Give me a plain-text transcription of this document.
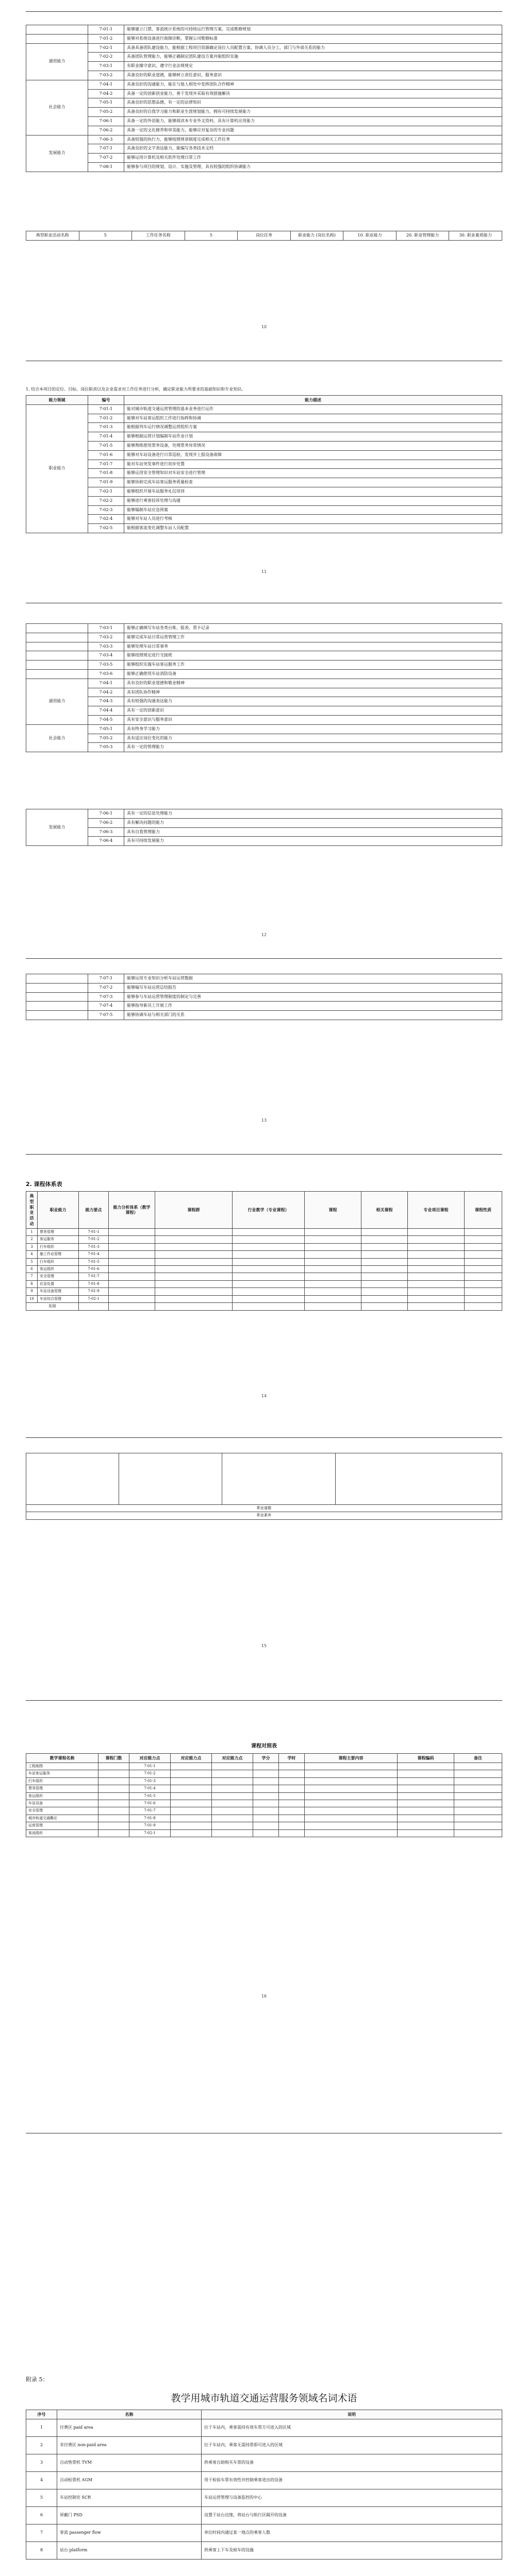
	7-01-1	能够建立门禁、客流统计系统的可持续运行管理方案，完成维修规划
	7-01-2	能够对系统设备进行故障诊断，掌握公司维修标准
通用能力	7-02-1	具备具备团队建设能力，能根据工程项目资源确定岗位人员配置方案，协调人员分工，部门与外部关系的能力
	7-02-2	具备团队管理能力，能够正确制定团队建设方案并能组织实施
	7-03-1	有职业操守意识，遵守行业法规规定
	7-03-2	具备良好的职业道德，能够树立责任意识、服务意识
社会能力	7-04-1	具备良好的沟通能力，能在与他人相处中发挥团队合作精神
	7-04-2	具备一定的创新创业能力，善于发现并采取有效措施解决
	7-05-1	具备良好的思想品德，有一定的法律知识
	7-05-2	具备良好的自我学习能力和职业生涯规划能力，拥有可持续发展能力
	7-06-1	具备一定的外语能力，能够阅读本专业外文资料，具有计算机应用能力
	7-06-2	具备一定的文化修养和审美能力，能够应对复杂的专业问题
发展能力	7-06-3	具备较强的执行力，能够按照规章制度完成相关工作任务
	7-07-1	具备良好的文字表达能力，能编写各类技术文档
	7-07-2	能够运用计算机及相关软件处理日常工作
	7-08-1	能够参与项目的规划、设计、实施及管理，具有较强的组织协调能力
典型职业活动名称	5	工作任务名称	5	岗位任务	职业能力 (岗位名称)	10. 职业能力	20. 职业管理能力	30. 职业素质能力
10
1. 结合本项目的定位、目标、岗位职责以及企业需求对工作任务进行分析，确定职业能力所要求的基础知识和专业知识。
能力领域	编号	能力描述
职业能力	7-01-1	能对城市轨道交通运营管理的基本业务进行运作
	7-01-2	能够对车站客运组织工作进行指挥和协调
	7-01-3	能根据列车运行情况调整运营组织方案
	7-01-4	能够根据运营计划编制车站作业计划
	7-01-5	能够熟练使用票务设备，处理票务异常情况
	7-01-6	能够对车站设备进行日常巡检，发现并上报设备故障
	7-01-7	能对车站突发事件进行初步处置
	7-01-8	能够运用安全管理知识对车站安全进行管理
	7-01-9	能够协助完成车站客运服务质量检查
	7-02-1	能够组织开展车站服务礼仪培训
	7-02-2	能够进行乘客投诉处理与沟通
	7-02-3	能够编制车站应急预案
	7-02-4	能够对车站人员进行考核
	7-02-5	能根据客流变化调整车站人员配置
11
	7-03-1	能够正确填写车站各类台账、报表、票卡记录
	7-03-2	能够完成车站日常运营管理工作
	7-03-3	能够处理车站日常事务
	7-03-4	能够按照规定进行交接班
	7-03-5	能够组织实施车站客运服务工作
	7-03-6	能够正确使用车站消防设备
通用能力	7-04-1	具有良好的职业道德和敬业精神
	7-04-2	具有团队协作精神
	7-04-3	具有较强的沟通表达能力
	7-04-4	具有一定的创新意识
	7-04-5	具有安全意识与服务意识
社会能力	7-05-1	具有终身学习能力
	7-05-2	具有适应岗位变化的能力
	7-05-3	具有一定的管理能力
发展能力	7-06-1	具有一定的信息处理能力
	7-06-2	具有解决问题的能力
	7-06-3	具有自我管理能力
	7-06-4	具有可持续发展能力
12
	7-07-1	能够运用专业知识分析车站运营数据
	7-07-2	能够编写车站运营总结报告
	7-07-3	能够参与车站运营管理制度的制定与完善
	7-07-4	能够指导新员工开展工作
	7-07-5	能够协调车站与相关部门的关系
13
2. 课程体系表
典型职业活动	职业能力	能力要点	能力分析体系（教学课程）	课程群	行业教学（专业课程）	课程	相关课程	专业项目课程	课程性质
1	票务管理	7-01-1							
2	客运服务	7-01-2							
3	行车组织	7-01-3							
4	施工作业管理	7-01-4							
5	行车组织	7-01-5							
6	客运组织	7-01-6							
7	安全管理	7-01-7							
8	应急处置	7-01-8							
9	车站设备管理	7-01-9							
10	车站综合管理	7-02-1							
拓展									
14

职业道德
职业素养
15
课程对照表
教学课程名称	课程门数	对应能力点	对应能力点	对应能力点	学分	学时	课程主要内容	课程编码	备注
工程制图		7-01-1							
车站客运服务		7-01-2							
行车组织		7-01-3							
票务管理		7-01-4							
客运组织		7-01-5							
车站设备		7-01-6							
安全管理		7-01-7							
城市轨道交通概论		7-01-8							
运营管理		7-01-9							
客流组织		7-02-1							
16
附录 5：
教学用城市轨道交通运营服务领域名词术语
序号	名称	说明
1	付费区 paid area	位于车站内，乘客需持有效车票方可进入的区域
2	非付费区 non-paid area	位于车站内，乘客无需持票即可进入的区域
3	自动售票机 TVM	供乘客自助购买车票的设备
4	自动检票机 AGM	用于检验车票有效性并控制乘客进出的设备
5	车站控制室 SCR	车站运营管理与设备监控的中心
6	屏蔽门 PSD	设置于站台边缘，将站台与轨行区隔开的设备
7	客流 passenger flow	单位时间内通过某一地点的乘客人数
8	站台 platform	供乘客上下车及候车的设施
